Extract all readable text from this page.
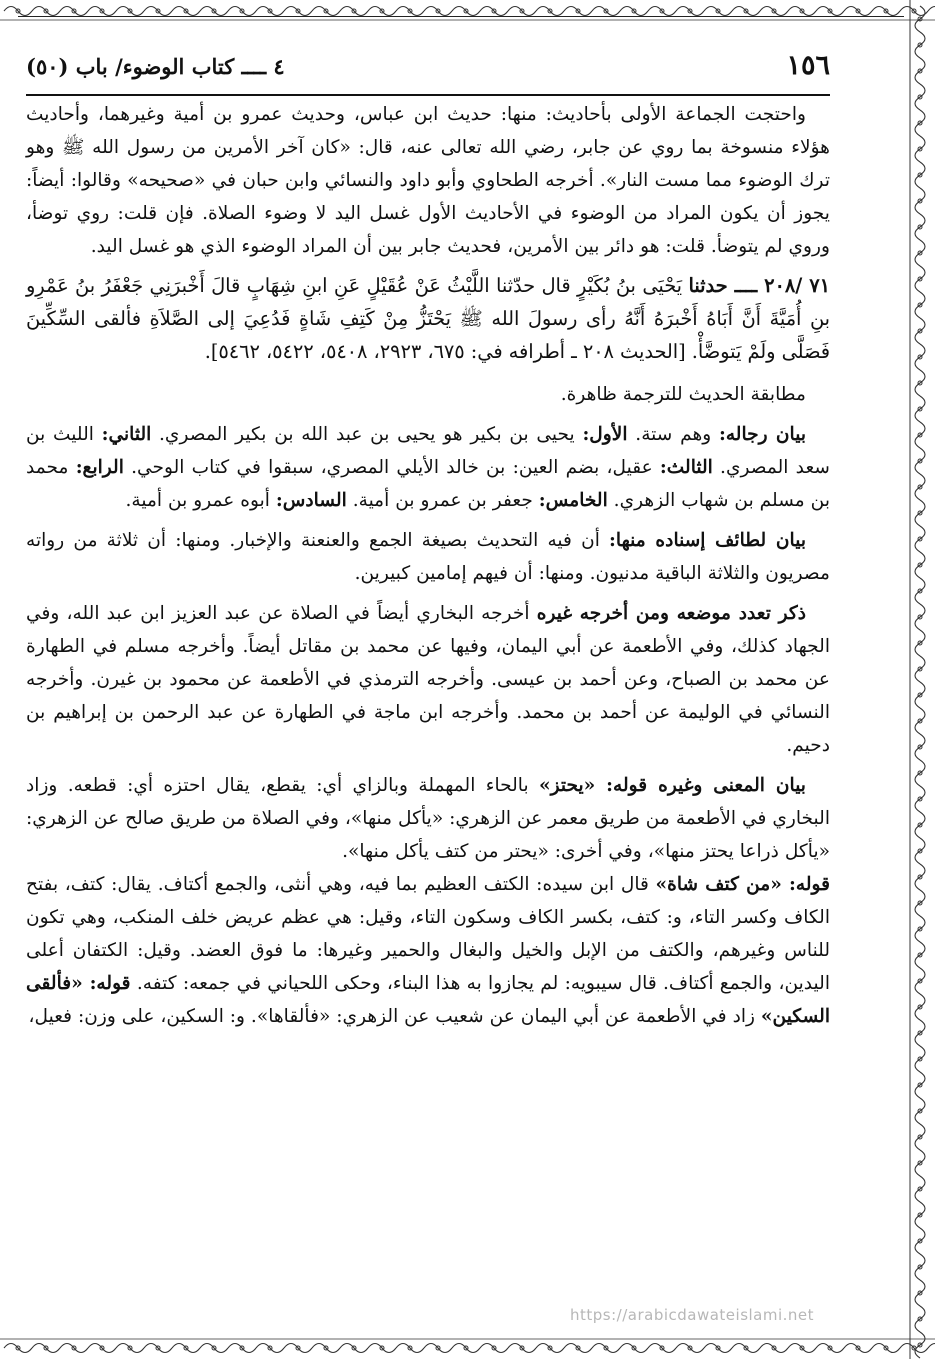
١٥٦
٤ ــــ كتاب الوضوء/ باب (٥٠)

واحتجت الجماعة الأولى بأحاديث: منها: حديث ابن عباس، وحديث عمرو بن أمية وغيرهما، وأحاديث هؤلاء منسوخة بما روي عن جابر، رضي الله تعالى عنه، قال: «كان آخر الأمرين من رسول الله ﷺ وهو ترك الوضوء مما مست النار». أخرجه الطحاوي وأبو داود والنسائي وابن حبان في «صحيحه» وقالوا: أيضاً: يجوز أن يكون المراد من الوضوء في الأحاديث الأول غسل اليد لا وضوء الصلاة. فإن قلت: روي توضأ، وروي لم يتوضأ. قلت: هو دائر بين الأمرين، فحديث جابر بين أن المراد الوضوء الذي هو غسل اليد.

٧١ /٢٠٨ ــــ حدثنا يَحْيَى بنُ بُكَيْرٍ قال حدّثنا اللَّيْثُ عَنْ عُقَيْلٍ عَنِ ابنِ شِهَابٍ قالَ أَخْبرَنِي جَعْفَرُ بنُ عَمْرِو بنِ أُمَيَّةَ أَنَّ أَبَاهُ أَخْبرَهُ أَنَّهُ رأى رسولَ الله ﷺ يَحْتَزُّ مِنْ كَتِفِ شَاةٍ فَدُعِيَ إلى الصَّلاَةِ فألقى السِّكِّينَ فَصَلَّى ولَمْ يَتوضَّأْ. [الحديث ٢٠٨ ـ أطرافه في: ٦٧٥، ٢٩٢٣، ٥٤٠٨، ٥٤٢٢، ٥٤٦٢].

مطابقة الحديث للترجمة ظاهرة.

بيان رجاله: وهم ستة. الأول: يحيى بن بكير هو يحيى بن عبد الله بن بكير المصري. الثاني: الليث بن سعد المصري. الثالث: عقيل، بضم العين: بن خالد الأيلي المصري، سبقوا في كتاب الوحي. الرابع: محمد بن مسلم بن شهاب الزهري. الخامس: جعفر بن عمرو بن أمية. السادس: أبوه عمرو بن أمية.

بيان لطائف إسناده منها: أن فيه التحديث بصيغة الجمع والعنعنة والإخبار. ومنها: أن ثلاثة من رواته مصريون والثلاثة الباقية مدنيون. ومنها: أن فيهم إمامين كبيرين.

ذكر تعدد موضعه ومن أخرجه غيره أخرجه البخاري أيضاً في الصلاة عن عبد العزيز ابن عبد الله، وفي الجهاد كذلك، وفي الأطعمة عن أبي اليمان، وفيها عن محمد بن مقاتل أيضاً. وأخرجه مسلم في الطهارة عن محمد بن الصباح، وعن أحمد بن عيسى. وأخرجه الترمذي في الأطعمة عن محمود بن غيرن. وأخرجه النسائي في الوليمة عن أحمد بن محمد. وأخرجه ابن ماجة في الطهارة عن عبد الرحمن بن إبراهيم بن دحيم.

بيان المعنى وغيره قوله: «يحتز» بالحاء المهملة وبالزاي أي: يقطع، يقال احتزه أي: قطعه. وزاد البخاري في الأطعمة من طريق معمر عن الزهري: «يأكل منها»، وفي الصلاة من طريق صالح عن الزهري: «يأكل ذراعا يحتز منها»، وفي أخرى: «يحتر من كتف يأكل منها».

قوله: «من كتف شاة» قال ابن سيده: الكتف العظيم بما فيه، وهي أنثى، والجمع أكتاف. يقال: كتف، بفتح الكاف وكسر التاء، و: كتف، بكسر الكاف وسكون التاء، وقيل: هي عظم عريض خلف المنكب، وهي تكون للناس وغيرهم، والكتف من الإبل والخيل والبغال والحمير وغيرها: ما فوق العضد. وقيل: الكتفان أعلى اليدين، والجمع أكتاف. قال سيبويه: لم يجازوا به هذا البناء، وحكى اللحياني في جمعه: كتفه. قوله: «فألقى السكين» زاد في الأطعمة عن أبي اليمان عن شعيب عن الزهري: «فألقاها». و: السكين، على وزن: فعيل،

https://arabicdawateislami.net
